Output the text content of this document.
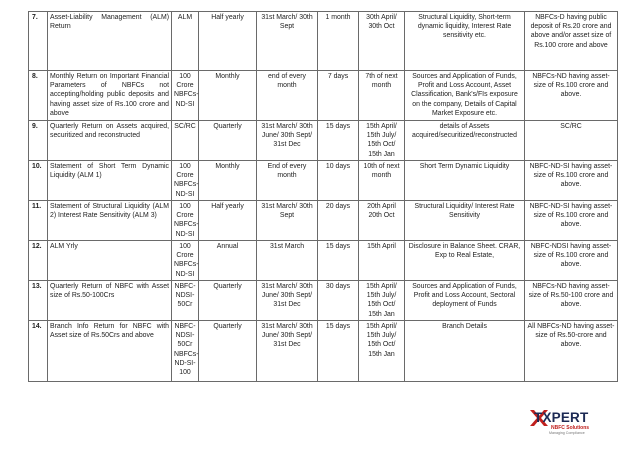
7.	Asset-Liability Management (ALM) Return	ALM	Half yearly	31st March/ 30th Sept	1 month	30th April/ 30th Oct	Structural Liquidity, Short-term dynamic liquidity, Interest Rate sensitivity etc.	NBFCs-D having public deposit of Rs.20 crore and above and/or asset size of Rs.100 crore and above
8.	Monthly Return on Important Financial Parameters of NBFCs not accepting/holding public deposits and having asset size of Rs.100 crore and above	100 Crore NBFCs-ND-SI	Monthly	end of every month	7 days	7th of next month	Sources and Application of Funds, Profit and Loss Account, Asset Classification, Bank's/FIs exposure on the company, Details of Capital Market Exposure etc.	NBFCs-ND having asset-size of Rs.100 crore and above.
9.	Quarterly Return on Assets acquired, securitized and reconstructed	SC/RC	Quarterly	31st March/ 30th June/ 30th Sept/ 31st Dec	15 days	15th April/ 15th July/ 15th Oct/ 15th Jan	details of Assets acquired/securitized/reconstructed	SC/RC
10.	Statement of Short Term Dynamic Liquidity (ALM 1)	100 Crore NBFCs-ND-SI	Monthly	End of every month	10 days	10th of next month	Short Term Dynamic Liquidity	NBFC-ND-SI having asset-size of Rs.100 crore and above.
11.	Statement of Structural Liquidity (ALM 2) Interest Rate Sensitivity (ALM 3)	100 Crore NBFCs-ND-SI	Half yearly	31st March/ 30th Sept	20 days	20th April 20th Oct	Structural Liquidity/ Interest Rate Sensitivity	NBFC-ND-SI having asset-size of Rs.100 crore and above.
12.	ALM Yrly	100 Crore NBFCs-ND-SI	Annual	31st March	15 days	15th April	Disclosure in Balance Sheet. CRAR, Exp to Real Estate,	NBFC-NDSI having asset-size of Rs.100 crore and above.
13.	Quarterly Return of NBFC with Asset size of Rs.50-100Crs	NBFC-NDSI-50Cr	Quarterly	31st March/ 30th June/ 30th Sept/ 31st Dec	30 days	15th April/ 15th July/ 15th Oct/ 15th Jan	Sources and Application of Funds, Profit and Loss Account, Sectoral deployment of Funds	NBFCs-ND having asset-size of Rs.50-100 crore and above.
14.	Branch Info Return for NBFC with Asset size of Rs.50Crs and above	NBFC-NDSI-50Cr NBFCs-ND-SI-100	Quarterly	31st March/ 30th June/ 30th Sept/ 31st Dec	15 days	15th April/ 15th July/ 15th Oct/ 15th Jan	Branch Details	All NBFCs-ND having asset-size of Rs.50-crore and above.
TXPERT
NBFC Solutions
Managing Compliance
